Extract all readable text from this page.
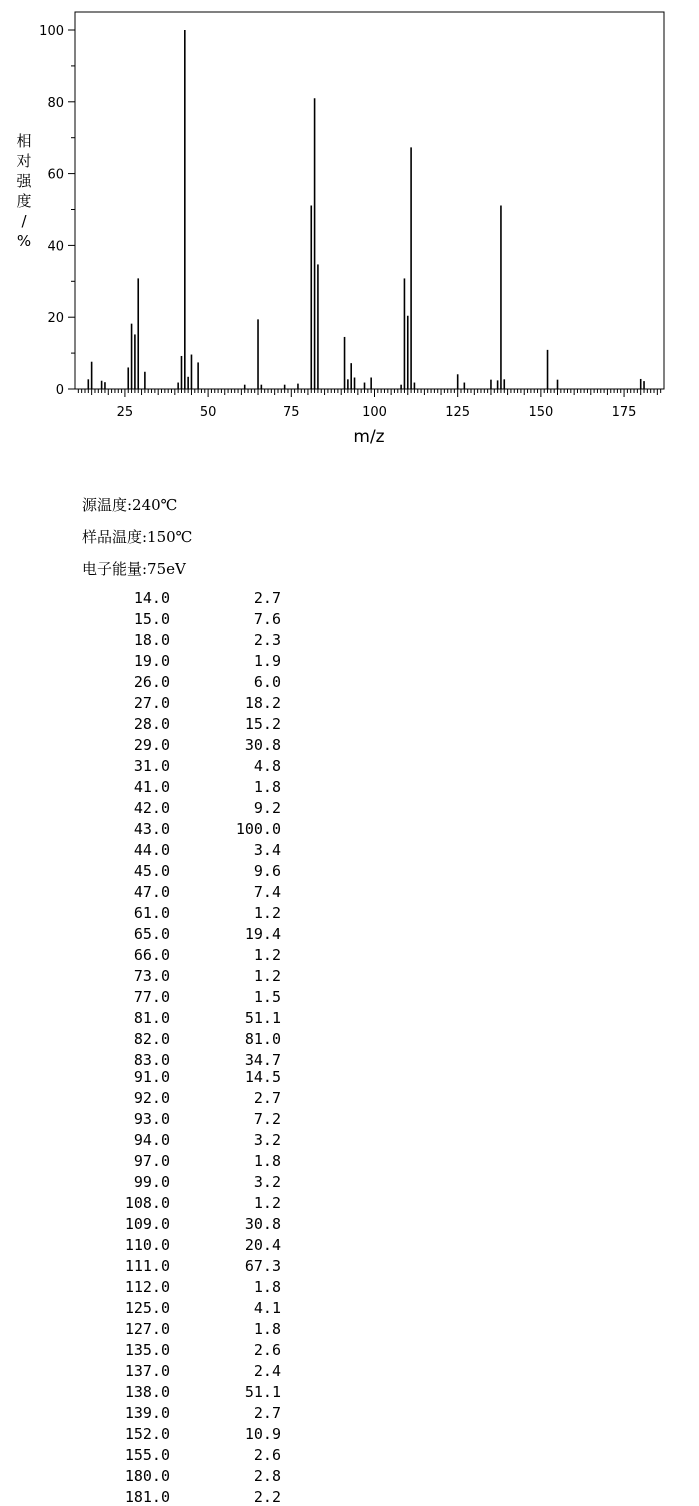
0
20
40
60
80
100
25	50	75	100	125	150	175
m/z
相
对
强
度
/
%
源温度:240℃
样品温度:150℃
电子能量:75eV
14.0	2.7
15.0	7.6
18.0	2.3
19.0	1.9
26.0	6.0
27.0	18.2
28.0	15.2
29.0	30.8
31.0	4.8
41.0	1.8
42.0	9.2
43.0	100.0
44.0	3.4
45.0	9.6
47.0	7.4
61.0	1.2
65.0	19.4
66.0	1.2
73.0	1.2
77.0	1.5
81.0	51.1
82.0	81.0
83.0	34.7
91.0	14.5
92.0	2.7
93.0	7.2
94.0	3.2
97.0	1.8
99.0	3.2
108.0	1.2
109.0	30.8
110.0	20.4
111.0	67.3
112.0	1.8
125.0	4.1
127.0	1.8
135.0	2.6
137.0	2.4
138.0	51.1
139.0	2.7
152.0	10.9
155.0	2.6
180.0	2.8
181.0	2.2
